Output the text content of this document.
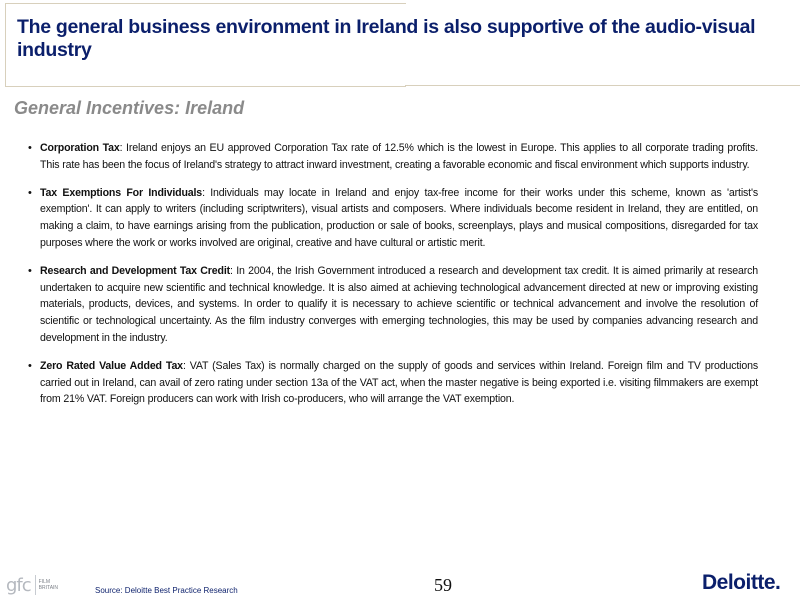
The general business environment in Ireland is also supportive of the audio-visual industry
General Incentives: Ireland
• Corporation Tax: Ireland enjoys an EU approved Corporation Tax rate of 12.5% which is the lowest in Europe. This applies to all corporate trading profits. This rate has been the focus of Ireland's strategy to attract inward investment, creating a favorable economic and fiscal environment which supports industry.
• Tax Exemptions For Individuals: Individuals may locate in Ireland and enjoy tax-free income for their works under this scheme, known as 'artist's exemption'. It can apply to writers (including scriptwriters), visual artists and composers. Where individuals become resident in Ireland, they are entitled, on making a claim, to have earnings arising from the publication, production or sale of books, screenplays, plays and musical compositions, disregarded for tax purposes where the work or works involved are original, creative and have cultural or artistic merit.
• Research and Development Tax Credit: In 2004, the Irish Government introduced a research and development tax credit. It is aimed primarily at research undertaken to acquire new scientific and technical knowledge. It is also aimed at achieving technological advancement directed at new or improving existing materials, products, devices, and systems. In order to qualify it is necessary to achieve scientific or technical advancement and involve the resolution of scientific or technological uncertainty. As the film industry converges with emerging technologies, this may be used by companies advancing research and development in the industry.
• Zero Rated Value Added Tax: VAT (Sales Tax) is normally charged on the supply of goods and services within Ireland. Foreign film and TV productions carried out in Ireland, can avail of zero rating under section 13a of the VAT act, when the master negative is being exported i.e. visiting filmmakers are exempt from 21% VAT. Foreign producers can work with Irish co-producers, who will arrange the VAT exemption.
gfc FILM
BRITAIN	Source: Deloitte Best Practice Research	59	Deloitte.
